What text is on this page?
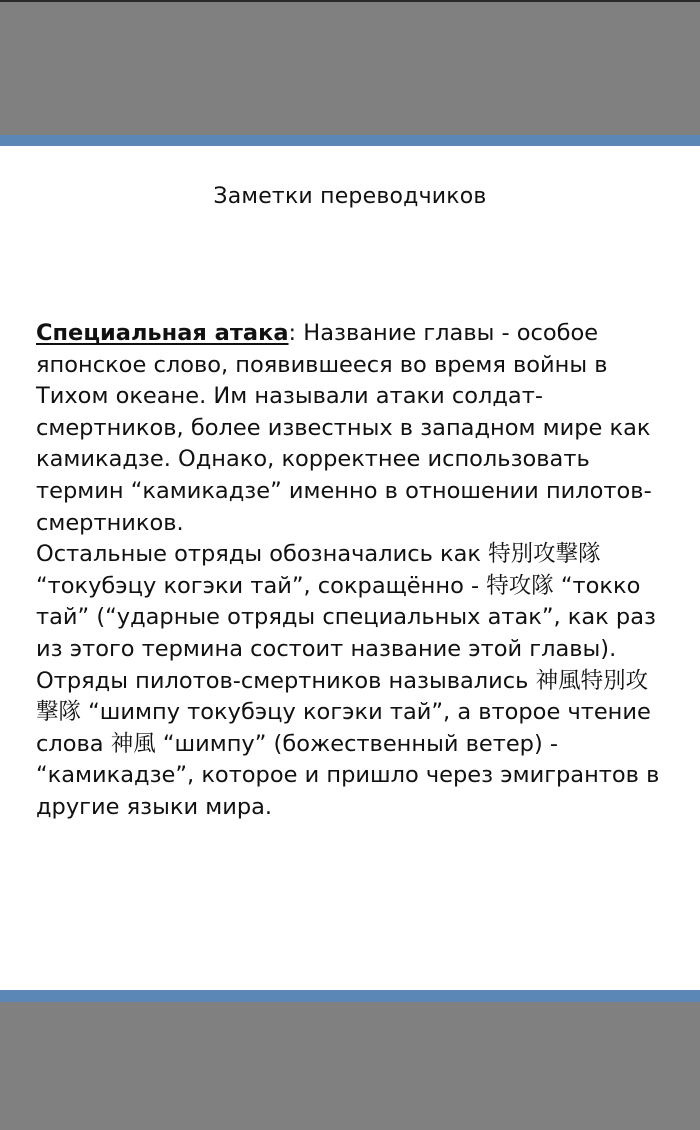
Заметки переводчиков

Специальная атака: Название главы - особое японское слово, появившееся во время войны в Тихом океане. Им называли атаки солдат-смертников, более известных в западном мире как камикадзе. Однако, корректнее использовать термин “камикадзе” именно в отношении пилотов-смертников.

Остальные отряды обозначались как 特別攻撃隊 “токубэцу когэки тай”, сокращённо - 特攻隊 “токко тай” (“ударные отряды специальных атак”, как раз из этого термина состоит название этой главы). Отряды пилотов-смертников назывались 神風特別攻撃隊 “шимпу токубэцу когэки тай”, а второе чтение слова 神風 “шимпу” (божественный ветер) - “камикадзе”, которое и пришло через эмигрантов в другие языки мира.
